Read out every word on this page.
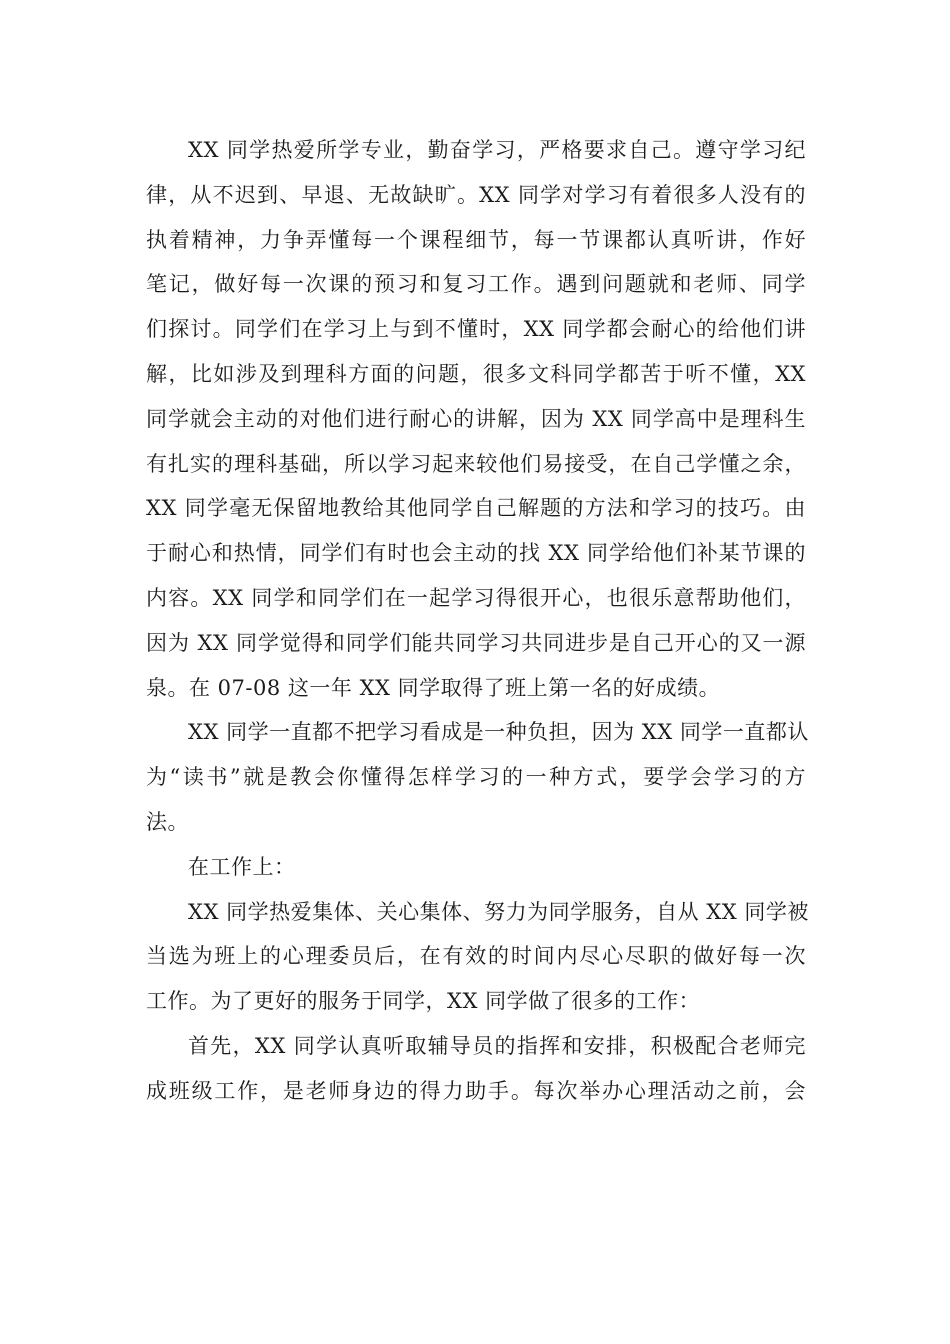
XX 同学热爱所学专业，勤奋学习，严格要求自己。遵守学习纪
律，从不迟到、早退、无故缺旷。XX 同学对学习有着很多人没有的
执着精神，力争弄懂每一个课程细节，每一节课都认真听讲，作好
笔记，做好每一次课的预习和复习工作。遇到问题就和老师、同学
们探讨。同学们在学习上与到不懂时，XX 同学都会耐心的给他们讲
解，比如涉及到理科方面的问题，很多文科同学都苦于听不懂，XX
同学就会主动的对他们进行耐心的讲解，因为 XX 同学高中是理科生
有扎实的理科基础，所以学习起来较他们易接受，在自己学懂之余，
XX 同学毫无保留地教给其他同学自己解题的方法和学习的技巧。由
于耐心和热情，同学们有时也会主动的找 XX 同学给他们补某节课的
内容。XX 同学和同学们在一起学习得很开心，也很乐意帮助他们，
因为 XX 同学觉得和同学们能共同学习共同进步是自己开心的又一源
泉。在 07-08 这一年 XX 同学取得了班上第一名的好成绩。
XX 同学一直都不把学习看成是一种负担，因为 XX 同学一直都认
为“读书”就是教会你懂得怎样学习的一种方式，要学会学习的方
法。
在工作上：
XX 同学热爱集体、关心集体、努力为同学服务，自从 XX 同学被
当选为班上的心理委员后，在有效的时间内尽心尽职的做好每一次
工作。为了更好的服务于同学，XX 同学做了很多的工作：
首先，XX 同学认真听取辅导员的指挥和安排，积极配合老师完
成班级工作，是老师身边的得力助手。每次举办心理活动之前，会
